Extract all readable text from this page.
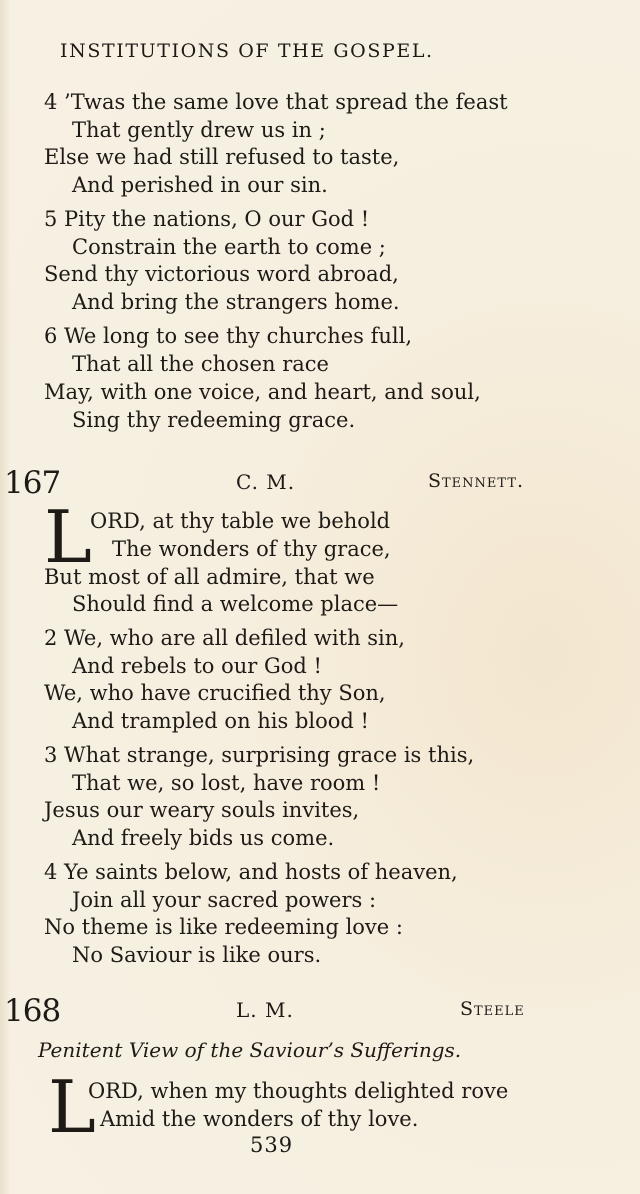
INSTITUTIONS OF THE GOSPEL.
4 ’Twas the same love that spread the feast
That gently drew us in ;
Else we had still refused to taste,
And perished in our sin.
5 Pity the nations, O our God !
Constrain the earth to come ;
Send thy victorious word abroad,
And bring the strangers home.
6 We long to see thy churches full,
That all the chosen race
May, with one voice, and heart, and soul,
Sing thy redeeming grace.
167	C. M.	Stennett.
L
ORD, at thy table we behold
The wonders of thy grace,
But most of all admire, that we
Should find a welcome place—
2 We, who are all defiled with sin,
And rebels to our God !
We, who have crucified thy Son,
And trampled on his blood !
3 What strange, surprising grace is this,
That we, so lost, have room !
Jesus our weary souls invites,
And freely bids us come.
4 Ye saints below, and hosts of heaven,
Join all your sacred powers :
No theme is like redeeming love :
No Saviour is like ours.
168	L. M.	Steele
Penitent View of the Saviour’s Sufferings.
L
ORD, when my thoughts delighted rove
Amid the wonders of thy love.
539
